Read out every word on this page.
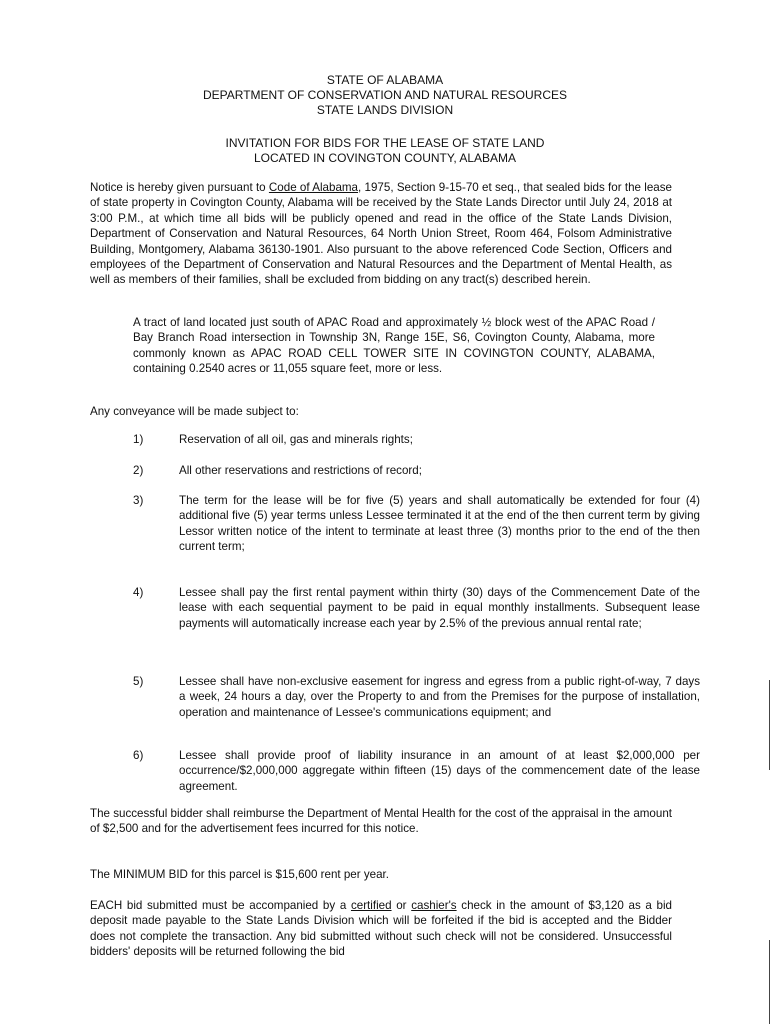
STATE OF ALABAMA
DEPARTMENT OF CONSERVATION AND NATURAL RESOURCES
STATE LANDS DIVISION
INVITATION FOR BIDS FOR THE LEASE OF STATE LAND
LOCATED IN COVINGTON COUNTY, ALABAMA

Notice is hereby given pursuant to Code of Alabama, 1975, Section 9-15-70 et seq., that sealed bids for the lease of state property in Covington County, Alabama will be received by the State Lands Director until July 24, 2018 at 3:00 P.M., at which time all bids will be publicly opened and read in the office of the State Lands Division, Department of Conservation and Natural Resources, 64 North Union Street, Room 464, Folsom Administrative Building, Montgomery, Alabama 36130-1901. Also pursuant to the above referenced Code Section, Officers and employees of the Department of Conservation and Natural Resources and the Department of Mental Health, as well as members of their families, shall be excluded from bidding on any tract(s) described herein.

A tract of land located just south of APAC Road and approximately ½ block west of the APAC Road / Bay Branch Road intersection in Township 3N, Range 15E, S6, Covington County, Alabama, more commonly known as APAC ROAD CELL TOWER SITE IN COVINGTON COUNTY, ALABAMA, containing 0.2540 acres or 11,055 square feet, more or less.

Any conveyance will be made subject to:

1)	Reservation of all oil, gas and minerals rights;
2)	All other reservations and restrictions of record;
3)	The term for the lease will be for five (5) years and shall automatically be extended for four (4) additional five (5) year terms unless Lessee terminated it at the end of the then current term by giving Lessor written notice of the intent to terminate at least three (3) months prior to the end of the then current term;
4)	Lessee shall pay the first rental payment within thirty (30) days of the Commencement Date of the lease with each sequential payment to be paid in equal monthly installments. Subsequent lease payments will automatically increase each year by 2.5% of the previous annual rental rate;
5)	Lessee shall have non-exclusive easement for ingress and egress from a public right-of-way, 7 days a week, 24 hours a day, over the Property to and from the Premises for the purpose of installation, operation and maintenance of Lessee's communications equipment; and
6)	Lessee shall provide proof of liability insurance in an amount of at least $2,000,000 per occurrence/$2,000,000 aggregate within fifteen (15) days of the commencement date of the lease agreement.

The successful bidder shall reimburse the Department of Mental Health for the cost of the appraisal in the amount of $2,500 and for the advertisement fees incurred for this notice.

The MINIMUM BID for this parcel is $15,600 rent per year.

EACH bid submitted must be accompanied by a certified or cashier's check in the amount of $3,120 as a bid deposit made payable to the State Lands Division which will be forfeited if the bid is accepted and the Bidder does not complete the transaction. Any bid submitted without such check will not be considered. Unsuccessful bidders' deposits will be returned following the bid
